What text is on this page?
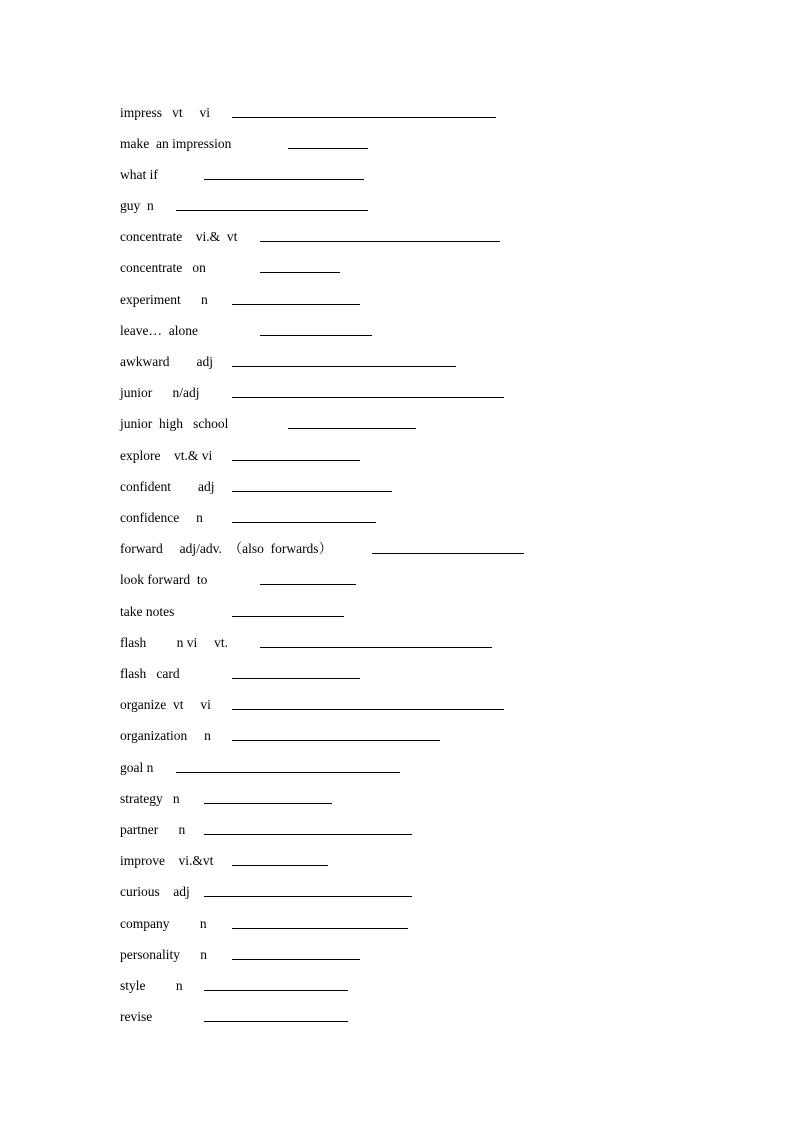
impress   vt     vi
make  an impression
what if
guy  n
concentrate    vi.&  vt
concentrate   on
experiment      n
leave…  alone
awkward        adj
junior      n/adj
junior  high   school
explore    vt.& vi
confident        adj
confidence     n
forward     adj/adv.  （also  forwards）
look forward  to
take notes
flash         n vi     vt.
flash   card
organize  vt     vi
organization     n
goal n
strategy   n
partner      n
improve    vi.&vt
curious    adj
company         n
personality      n
style         n
revise
